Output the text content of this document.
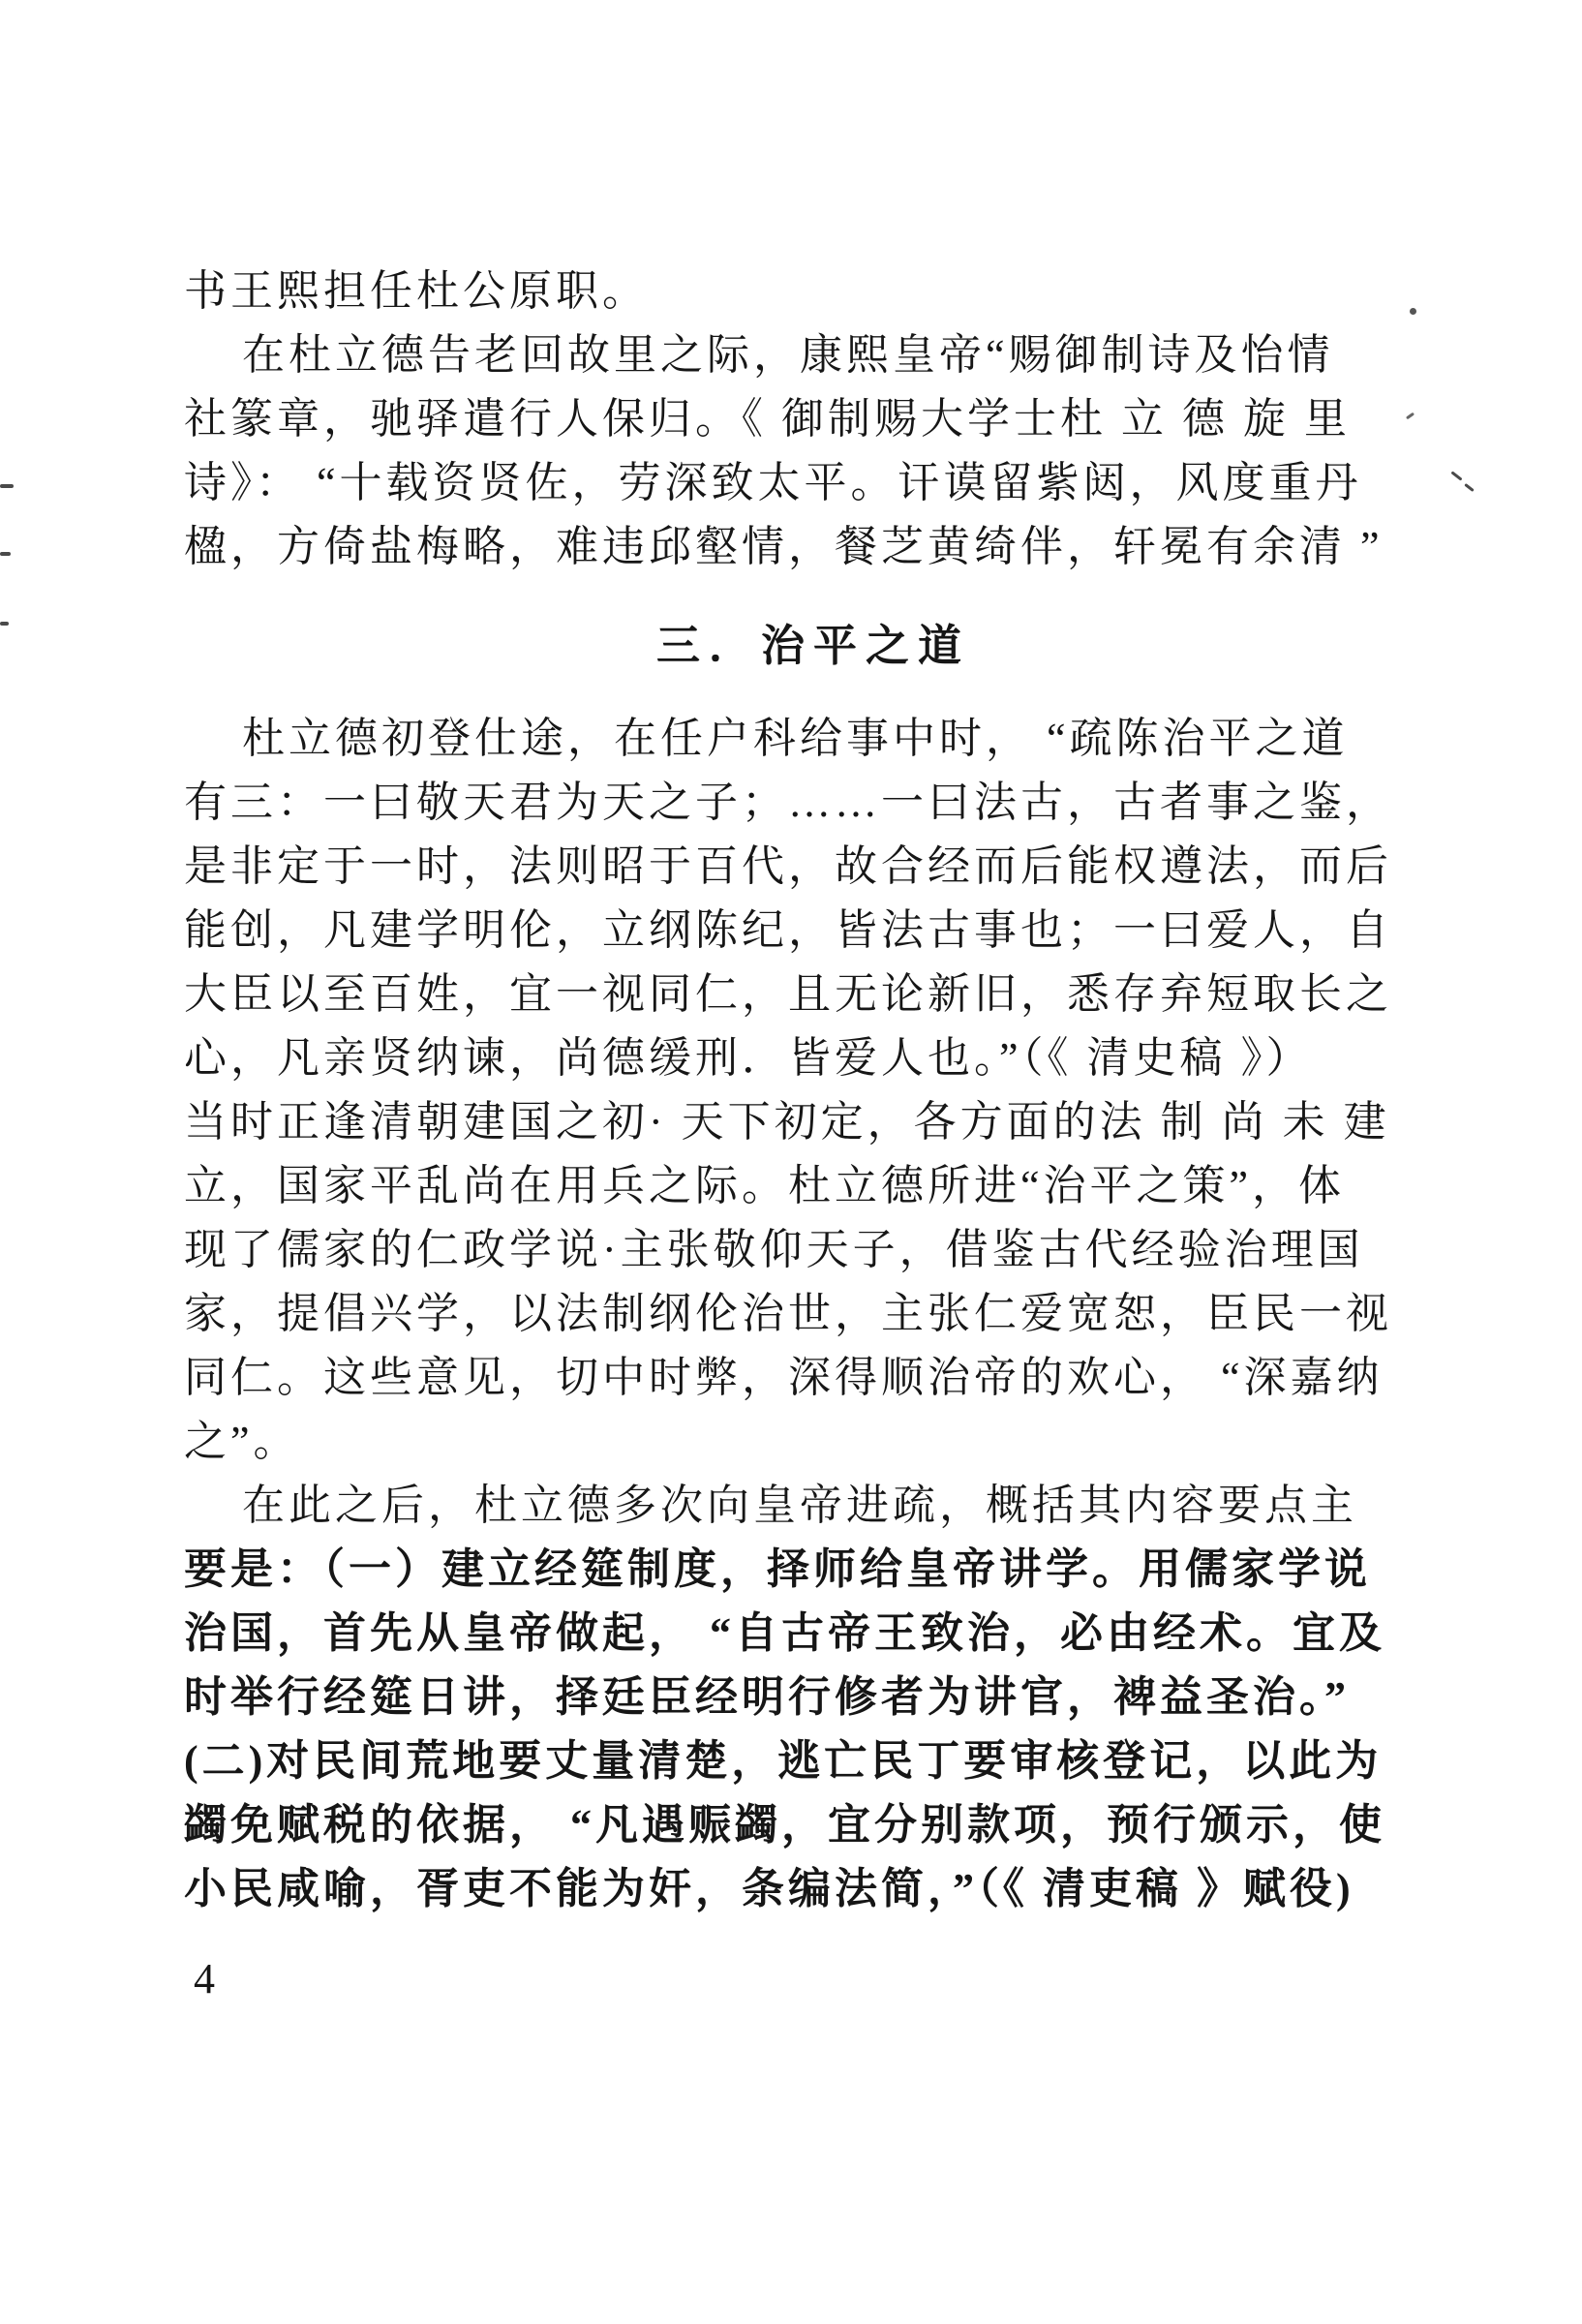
书王熙担任杜公原职。
在杜立德告老回故里之际，康熙皇帝“赐御制诗及怡情
社篆章，驰驿遣行人保归。《 御制赐大学士杜 立 德 旋 里
诗》： “十载资贤佐，劳深致太平。讦谟留紫闼，风度重丹
楹，方倚盐梅略，难违邱壑情，餐芝黄绮伴，轩冕有余清 ”
三．治平之道
杜立德初登仕途，在任户科给事中时， “疏陈治平之道
有三：一曰敬天君为天之子；……一曰法古，古者事之鉴，
是非定于一时，法则昭于百代，故合经而后能权遵法，而后
能创，凡建学明伦，立纲陈纪，皆法古事也；一曰爱人，自
大臣以至百姓，宜一视同仁，且无论新旧，悉存弃短取长之
心，凡亲贤纳谏，尚德缓刑．皆爱人也。”（《 清史稿 》）
当时正逢清朝建国之初· 天下初定，各方面的法 制 尚 未 建
立，国家平乱尚在用兵之际。杜立德所进“治平之策”，体
现了儒家的仁政学说·主张敬仰天子，借鉴古代经验治理国
家，提倡兴学，以法制纲伦治世，主张仁爱宽恕，臣民一视
同仁。这些意见，切中时弊，深得顺治帝的欢心， “深嘉纳
之”。
在此之后，杜立德多次向皇帝进疏，概括其内容要点主
要是：（一）建立经筵制度，择师给皇帝讲学。用儒家学说
治国，首先从皇帝做起， “自古帝王致治，必由经术。宜及
时举行经筵日讲，择廷臣经明行修者为讲官，裨益圣治。”
(二)对民间荒地要丈量清楚，逃亡民丁要审核登记，以此为
蠲免赋税的依据， “凡遇赈蠲，宜分别款项，预行颁示，使
小民咸喻，胥吏不能为奸，条编法简，”（《 清吏稿 》赋役)
4
